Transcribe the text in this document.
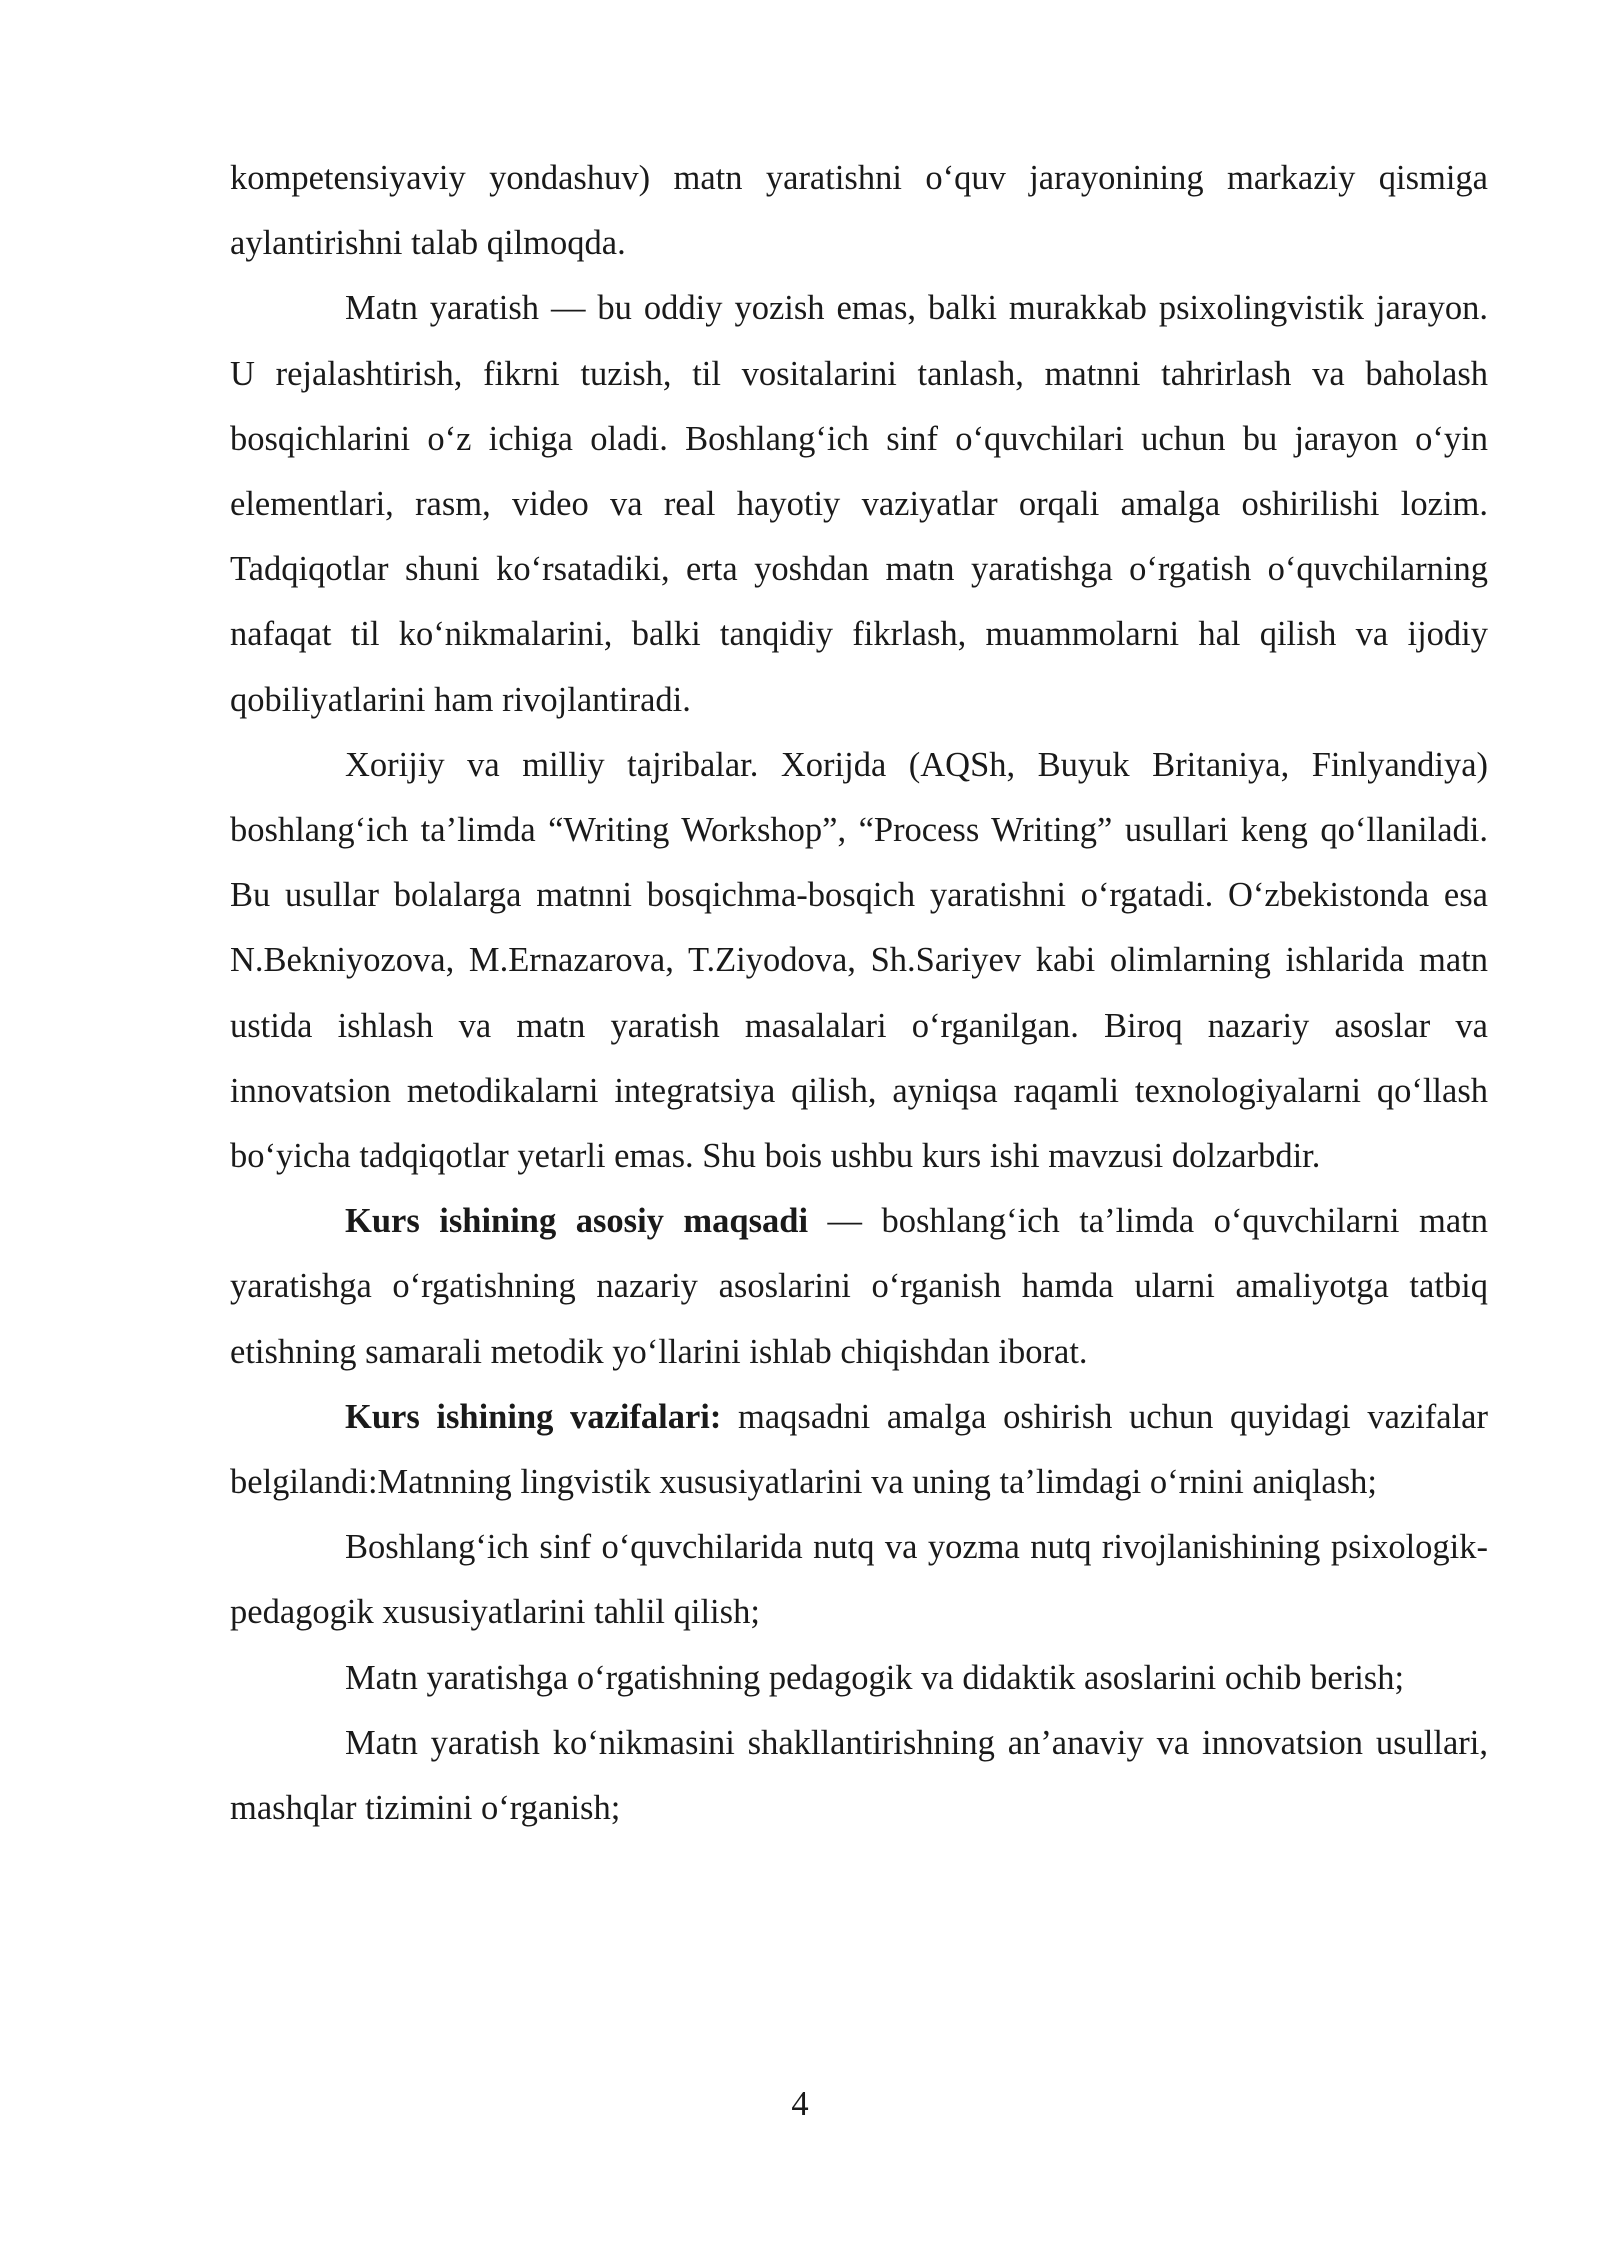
kompetensiyaviy yondashuv) matn yaratishni o‘quv jarayonining markaziy qismiga aylantirishni talab qilmoqda.

Matn yaratish — bu oddiy yozish emas, balki murakkab psixolingvistik jarayon. U rejalashtirish, fikrni tuzish, til vositalarini tanlash, matnni tahrirlash va baholash bosqichlarini o‘z ichiga oladi. Boshlang‘ich sinf o‘quvchilari uchun bu jarayon o‘yin elementlari, rasm, video va real hayotiy vaziyatlar orqali amalga oshirilishi lozim. Tadqiqotlar shuni ko‘rsatadiki, erta yoshdan matn yaratishga o‘rgatish o‘quvchilarning nafaqat til ko‘nikmalarini, balki tanqidiy fikrlash, muammolarni hal qilish va ijodiy qobiliyatlarini ham rivojlantiradi.

Xorijiy va milliy tajribalar. Xorijda (AQSh, Buyuk Britaniya, Finlyandiya) boshlang‘ich ta’limda “Writing Workshop”, “Process Writing” usullari keng qo‘llaniladi. Bu usullar bolalarga matnni bosqichma-bosqich yaratishni o‘rgatadi. O‘zbekistonda esa N.Bekniyozova, M.Ernazarova, T.Ziyodova, Sh.Sariyev kabi olimlarning ishlarida matn ustida ishlash va matn yaratish masalalari o‘rganilgan. Biroq nazariy asoslar va innovatsion metodikalarni integratsiya qilish, ayniqsa raqamli texnologiyalarni qo‘llash bo‘yicha tadqiqotlar yetarli emas. Shu bois ushbu kurs ishi mavzusi dolzarbdir.

Kurs ishining asosiy maqsadi — boshlang‘ich ta’limda o‘quvchilarni matn yaratishga o‘rgatishning nazariy asoslarini o‘rganish hamda ularni amaliyotga tatbiq etishning samarali metodik yo‘llarini ishlab chiqishdan iborat.

Kurs ishining vazifalari: maqsadni amalga oshirish uchun quyidagi vazifalar belgilandi:Matnning lingvistik xususiyatlarini va uning ta’limdagi o‘rnini aniqlash;

Boshlang‘ich sinf o‘quvchilarida nutq va yozma nutq rivojlanishining psixologik-pedagogik xususiyatlarini tahlil qilish;

Matn yaratishga o‘rgatishning pedagogik va didaktik asoslarini ochib berish;

Matn yaratish ko‘nikmasini shakllantirishning an’anaviy va innovatsion usullari, mashqlar tizimini o‘rganish;

4
